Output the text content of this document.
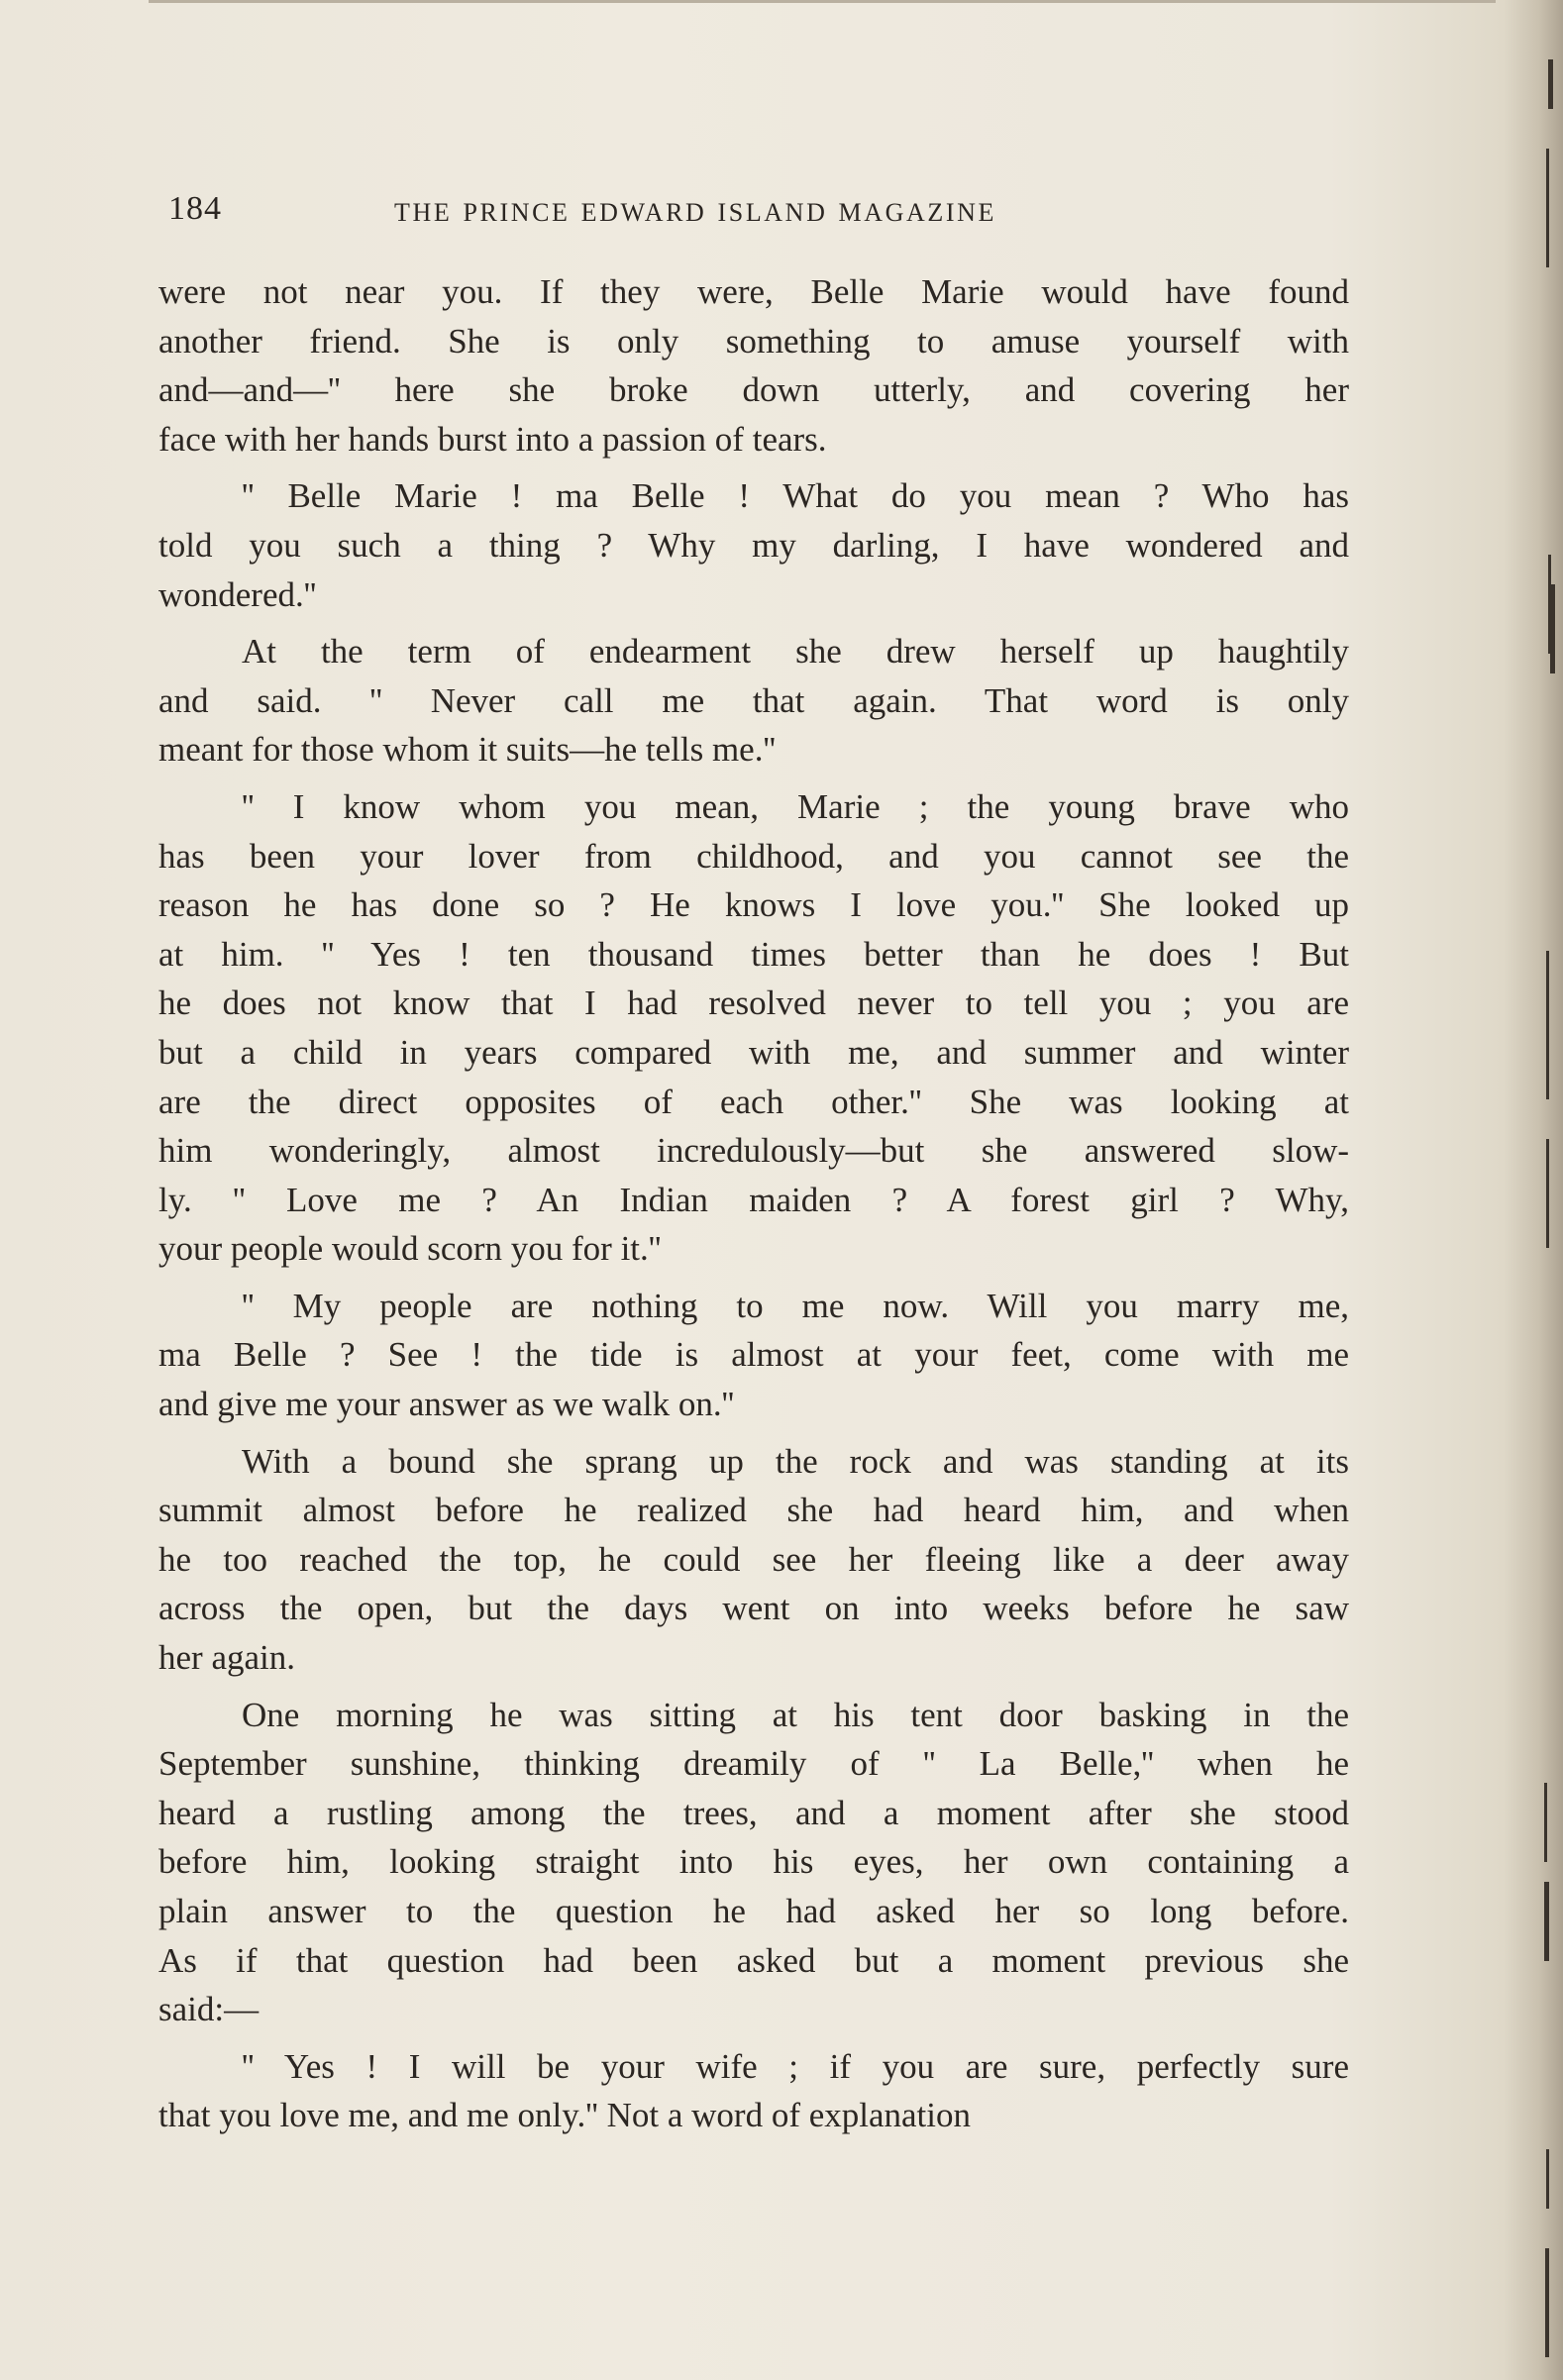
184	THE PRINCE EDWARD ISLAND MAGAZINE

were not near you. If they were, Belle Marie would have found
another friend. She is only something to amuse yourself with
and—and—'' here she broke down utterly, and covering her
face with her hands burst into a passion of tears.

'' Belle Marie ! ma Belle ! What do you mean ? Who has
told you such a thing ? Why my darling, I have wondered and
wondered.''

At the term of endearment she drew herself up haughtily
and said. '' Never call me that again. That word is only
meant for those whom it suits—he tells me.''

'' I know whom you mean, Marie ; the young brave who
has been your lover from childhood, and you cannot see the
reason he has done so ? He knows I love you.'' She looked up
at him. '' Yes ! ten thousand times better than he does ! But
he does not know that I had resolved never to tell you ; you are
but a child in years compared with me, and summer and winter
are the direct opposites of each other.'' She was looking at
him wonderingly, almost incredulously—but she answered slow-
ly. '' Love me ? An Indian maiden ? A forest girl ? Why,
your people would scorn you for it.''

'' My people are nothing to me now. Will you marry me,
ma Belle ? See ! the tide is almost at your feet, come with me
and give me your answer as we walk on.''

With a bound she sprang up the rock and was standing at its
summit almost before he realized she had heard him, and when
he too reached the top, he could see her fleeing like a deer away
across the open, but the days went on into weeks before he saw
her again.

One morning he was sitting at his tent door basking in the
September sunshine, thinking dreamily of '' La Belle,'' when he
heard a rustling among the trees, and a moment after she stood
before him, looking straight into his eyes, her own containing a
plain answer to the question he had asked her so long before.
As if that question had been asked but a moment previous she
said:—

'' Yes ! I will be your wife ; if you are sure, perfectly sure
that you love me, and me only.'' Not a word of explanation
